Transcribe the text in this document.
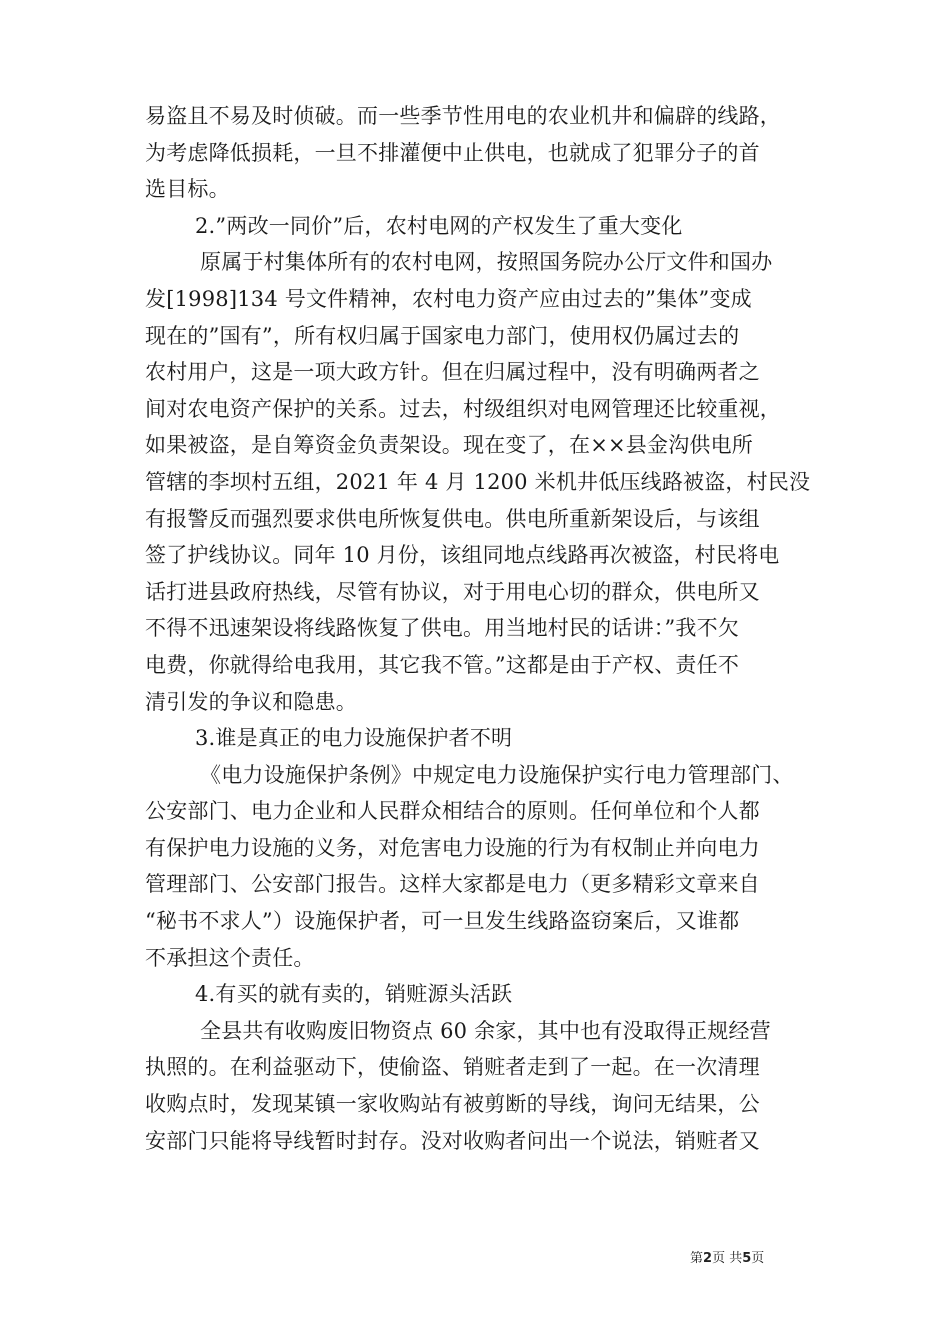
易盗且不易及时侦破。而一些季节性用电的农业机井和偏辟的线路，
为考虑降低损耗，一旦不排灌便中止供电，也就成了犯罪分子的首
选目标。
2.”两改一同价”后，农村电网的产权发生了重大变化
原属于村集体所有的农村电网，按照国务院办公厅文件和国办
发[1998]134 号文件精神，农村电力资产应由过去的”集体”变成
现在的”国有”，所有权归属于国家电力部门，使用权仍属过去的
农村用户，这是一项大政方针。但在归属过程中，没有明确两者之
间对农电资产保护的关系。过去，村级组织对电网管理还比较重视，
如果被盗，是自筹资金负责架设。现在变了，在××县金沟供电所
管辖的李坝村五组，2021 年 4 月 1200 米机井低压线路被盗，村民没
有报警反而强烈要求供电所恢复供电。供电所重新架设后，与该组
签了护线协议。同年 10 月份，该组同地点线路再次被盗，村民将电
话打进县政府热线，尽管有协议，对于用电心切的群众，供电所又
不得不迅速架设将线路恢复了供电。用当地村民的话讲：”我不欠
电费，你就得给电我用，其它我不管。”这都是由于产权、责任不
清引发的争议和隐患。
3.谁是真正的电力设施保护者不明
《电力设施保护条例》中规定电力设施保护实行电力管理部门、
公安部门、电力企业和人民群众相结合的原则。任何单位和个人都
有保护电力设施的义务，对危害电力设施的行为有权制止并向电力
管理部门、公安部门报告。这样大家都是电力（更多精彩文章来自
“秘书不求人”）设施保护者，可一旦发生线路盗窃案后，又谁都
不承担这个责任。
4.有买的就有卖的，销赃源头活跃
全县共有收购废旧物资点 60 余家，其中也有没取得正规经营
执照的。在利益驱动下，使偷盗、销赃者走到了一起。在一次清理
收购点时，发现某镇一家收购站有被剪断的导线，询问无结果，公
安部门只能将导线暂时封存。没对收购者问出一个说法，销赃者又
第2页 共5页
